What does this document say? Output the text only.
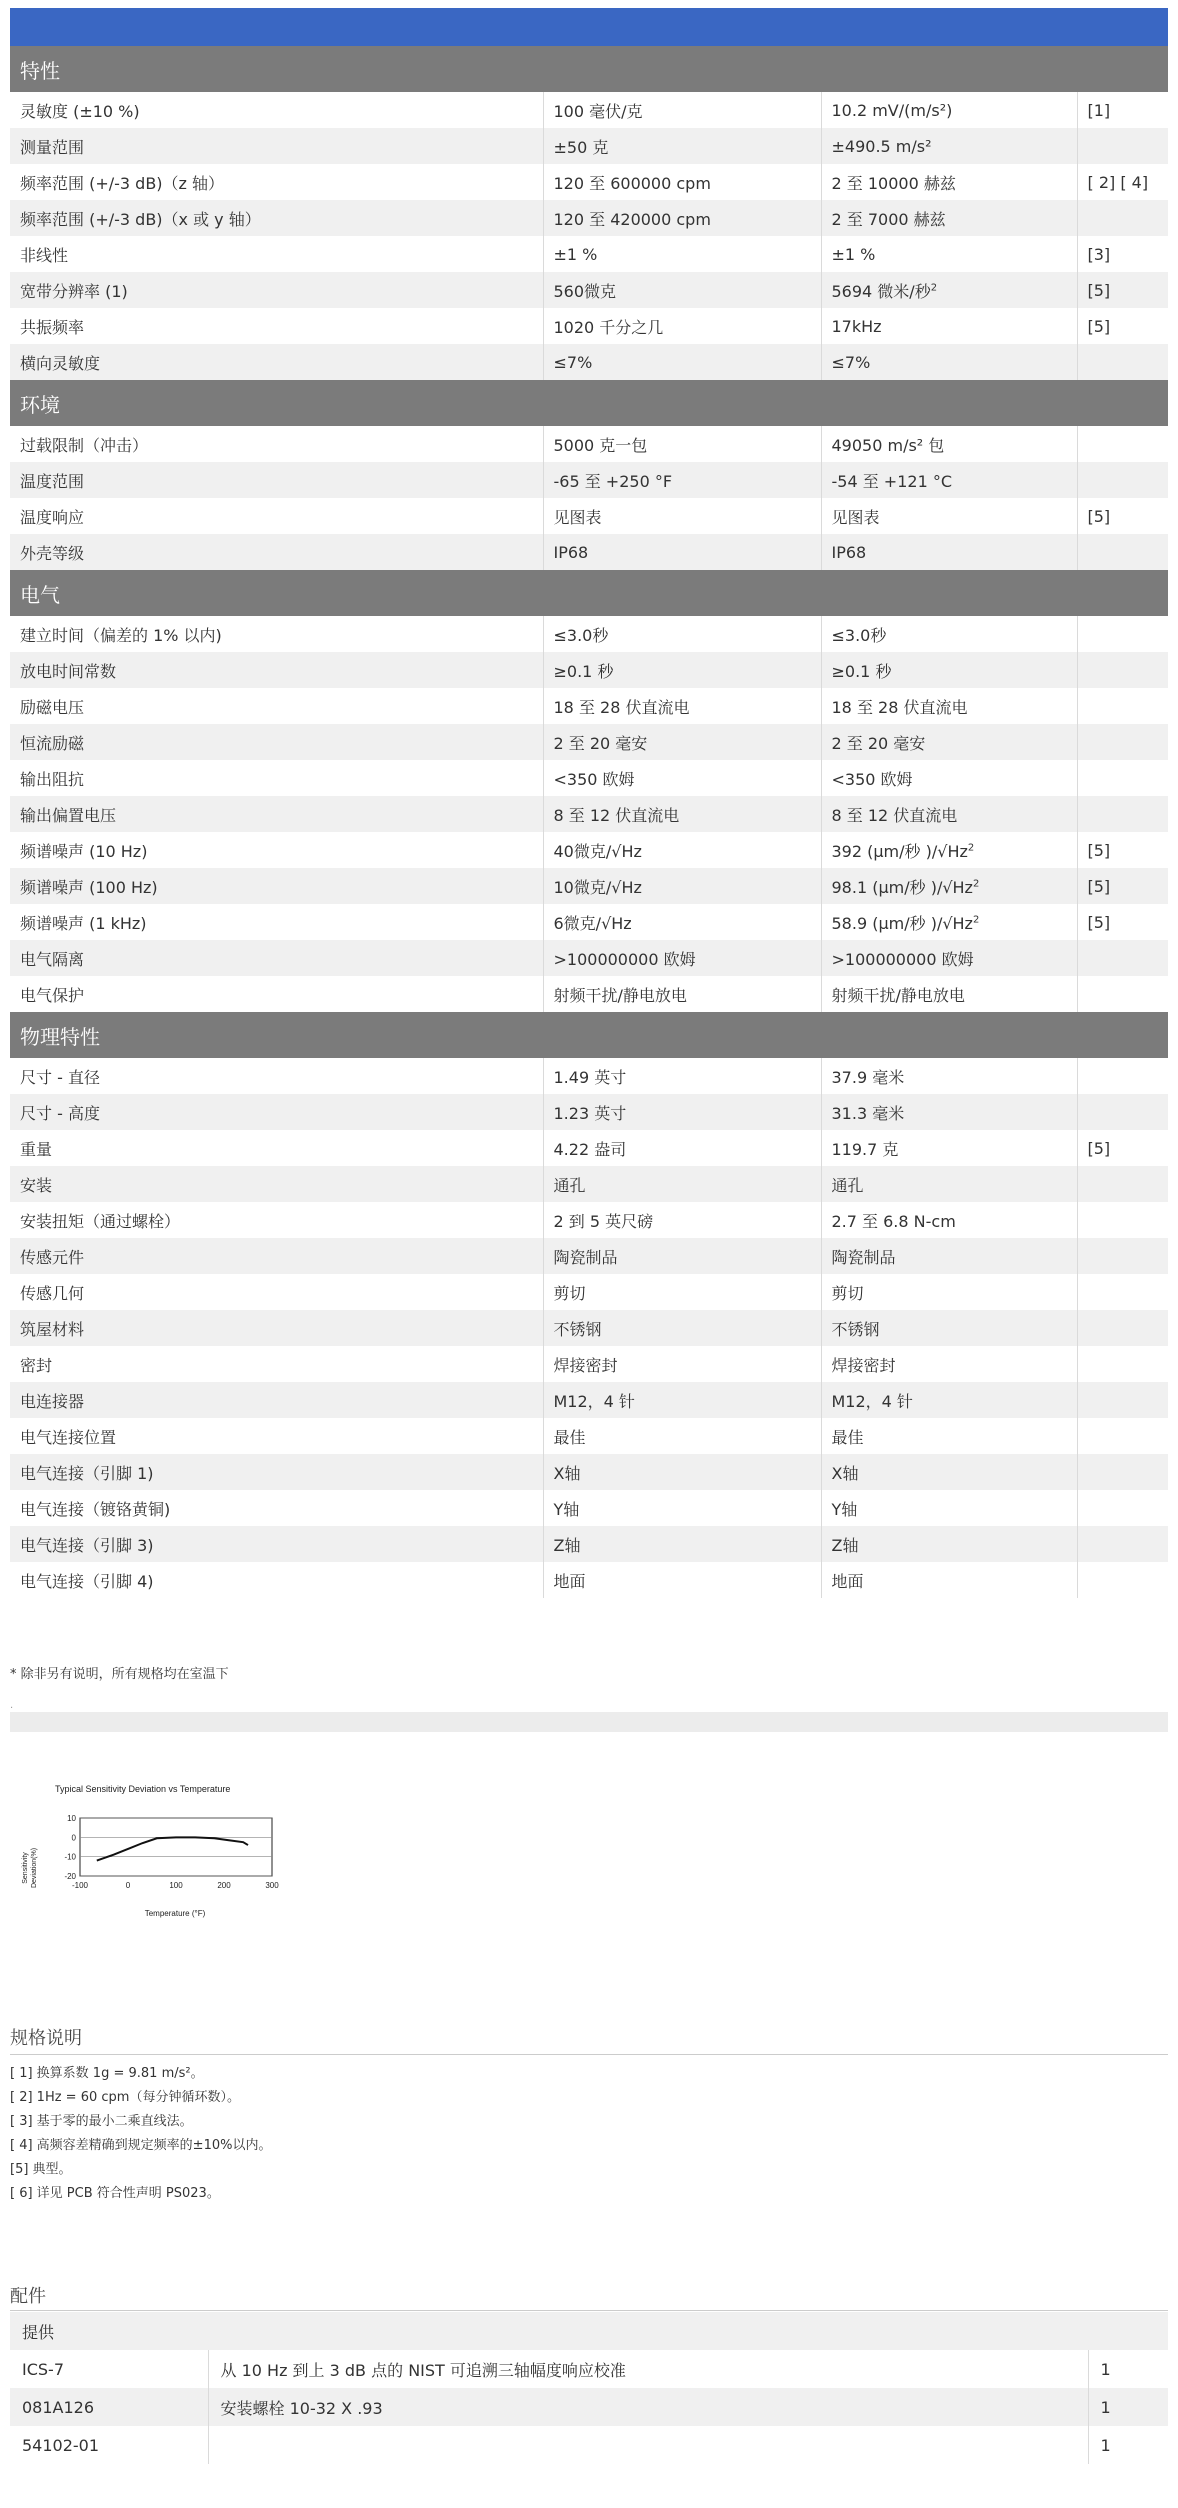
特性			
灵敏度 (±10 %)	100 毫伏/克	10.2 mV/(m/s²)	[1]
测量范围	±50 克	±490.5 m/s²	
频率范围 (+/-3 dB)（z 轴）	120 至 600000 cpm	2 至 10000 赫兹	[ 2] [ 4]
频率范围 (+/-3 dB)（x 或 y 轴）	120 至 420000 cpm	2 至 7000 赫兹	
非线性	±1 %	±1 %	[3]
宽带分辨率 (1)	560微克	5694 微米/秒$^2$	[5]
共振频率	1020 千分之几	17kHz	[5]
横向灵敏度	≤7%	≤7%	
环境			
过载限制（冲击）	5000 克一包	49050 m/s² 包	
温度范围	-65 至 +250 °F	-54 至 +121 °C	
温度响应	见图表	见图表	[5]
外壳等级	IP68	IP68	
电气			
建立时间（偏差的 1% 以内)	≤3.0秒	≤3.0秒	
放电时间常数	≥0.1 秒	≥0.1 秒	
励磁电压	18 至 28 伏直流电	18 至 28 伏直流电	
恒流励磁	2 至 20 毫安	2 至 20 毫安	
输出阻抗	<350 欧姆	<350 欧姆	
输出偏置电压	8 至 12 伏直流电	8 至 12 伏直流电	
频谱噪声 (10 Hz)	40微克/√Hz	392 (μm/秒 )/√Hz$^2$	[5]
频谱噪声 (100 Hz)	10微克/√Hz	98.1 (μm/秒 )/√Hz$^2$	[5]
频谱噪声 (1 kHz)	6微克/√Hz	58.9 (μm/秒 )/√Hz$^2$	[5]
电气隔离	>100000000 欧姆	>100000000 欧姆	
电气保护	射频干扰/静电放电	射频干扰/静电放电	
物理特性			
尺寸 - 直径	1.49 英寸	37.9 毫米	
尺寸 - 高度	1.23 英寸	31.3 毫米	
重量	4.22 盎司	119.7 克	[5]
安装	通孔	通孔	
安装扭矩（通过螺栓）	2 到 5 英尺磅	2.7 至 6.8 N-cm	
传感元件	陶瓷制品	陶瓷制品	
传感几何	剪切	剪切	
筑屋材料	不锈钢	不锈钢	
密封	焊接密封	焊接密封	
电连接器	M12，4 针	M12，4 针	
电气连接位置	最佳	最佳	
电气连接（引脚 1)	X轴	X轴	
电气连接（镀铬黄铜)	Y轴	Y轴	
电气连接（引脚 3)	Z轴	Z轴	
电气连接（引脚 4)	地面	地面	
* 除非另有说明，所有规格均在室温下
.
Typical Sensitivity Deviation vs Temperature
Sensitivity Deviation(%)
Temperature (°F)
10
0
-10
-20
-100	0	100	200	300
规格说明
[ 1] 换算系数 1g = 9.81 m/s²。
[ 2] 1Hz = 60 cpm（每分钟循环数）。
[ 3] 基于零的最小二乘直线法。
[ 4] 高频容差精确到规定频率的±10%以内。
[5] 典型。
[ 6] 详见 PCB 符合性声明 PS023。
配件
提供		
ICS-7	从 10 Hz 到上 3 dB 点的 NIST 可追溯三轴幅度响应校准	1
081A126	安装螺栓 10-32 X .93	1
54102-01		1
